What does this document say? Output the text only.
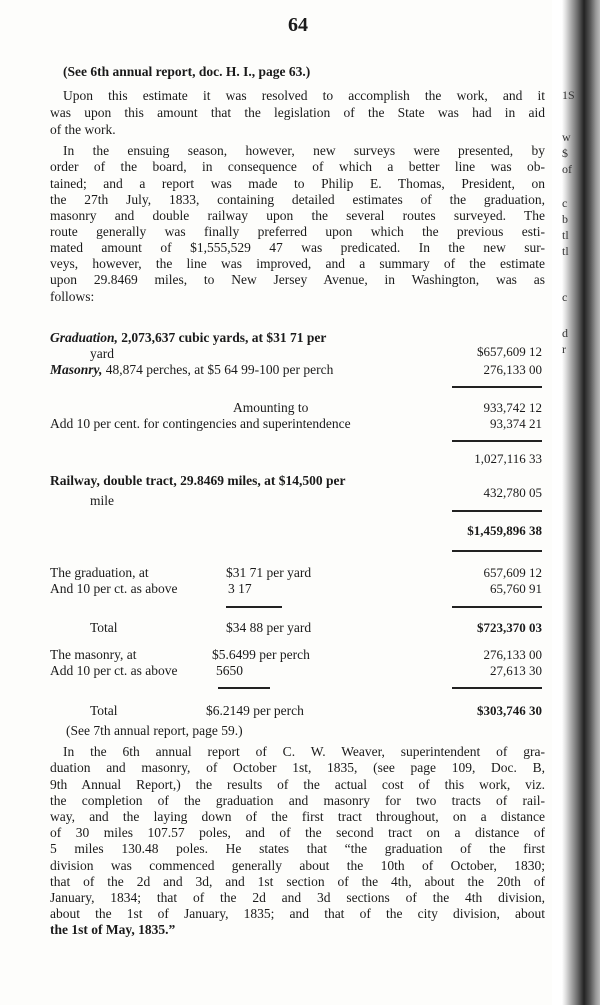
1S
w
$
of
c
b
tl
tl
c
d
r
64
(See 6th annual report, doc. H. I., page 63.)
Upon this estimate it was resolved to accomplish the work, and it
was upon this amount that the legislation of the State was had in aid
of the work.
In the ensuing season, however, new surveys were presented, by
order of the board, in consequence of which a better line was ob-
tained; and a report was made to Philip E. Thomas, President, on
the 27th July, 1833, containing detailed estimates of the graduation,
masonry and double railway upon the several routes surveyed. The
route generally was finally preferred upon which the previous esti-
mated amount of $1,555,529 47 was predicated. In the new sur-
veys, however, the line was improved, and a summary of the estimate
upon 29.8469 miles, to New Jersey Avenue, in Washington, was as
follows:
Graduation, 2,073,637 cubic yards, at $31 71 per
yard	$657,609 12
Masonry, 48,874 perches, at $5 64 99-100 per perch	276,133 00
Amounting to	933,742 12
Add 10 per cent. for contingencies and superintendence	93,374 21
1,027,116 33
Railway, double tract, 29.8469 miles, at $14,500 per
mile
432,780 05
$1,459,896 38
The graduation, at	$31 71 per yard	657,609 12
And 10 per ct. as above	3 17	65,760 91
Total	$34 88 per yard	$723,370 03
The masonry, at	$5.6499 per perch	276,133 00
Add 10 per ct. as above	5650	27,613 30
Total	$6.2149 per perch	$303,746 30
(See 7th annual report, page 59.)
In the 6th annual report of C. W. Weaver, superintendent of gra-
duation and masonry, of October 1st, 1835, (see page 109, Doc. B,
9th Annual Report,) the results of the actual cost of this work, viz.
the completion of the graduation and masonry for two tracts of rail-
way, and the laying down of the first tract throughout, on a distance
of 30 miles 107.57 poles, and of the second tract on a distance of
5 miles 130.48 poles. He states that “the graduation of the first
division was commenced generally about the 10th of October, 1830;
that of the 2d and 3d, and 1st section of the 4th, about the 20th of
January, 1834; that of the 2d and 3d sections of the 4th division,
about the 1st of January, 1835; and that of the city division, about
the 1st of May, 1835.”
